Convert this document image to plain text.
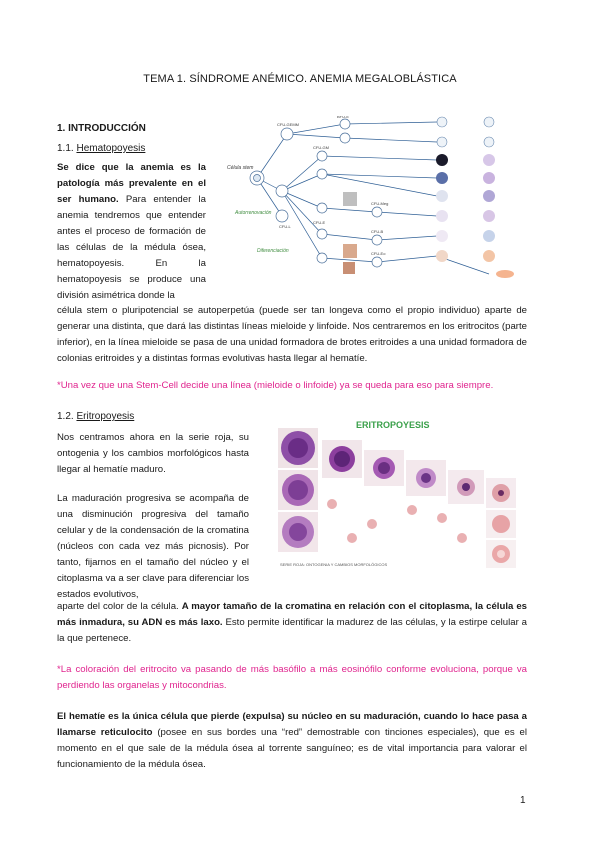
TEMA 1. SÍNDROME ANÉMICO. ANEMIA MEGALOBLÁSTICA
1. INTRODUCCIÓN
1.1. Hematopoyesis
Se dice que la anemia es la patología más prevalente en el ser humano. Para entender la anemia tendremos que entender antes el proceso de formación de las células de la médula ósea, hematopoyesis. En la hematopoyesis se produce una división asimétrica donde la
Célula stem
Autorrenovación
Diferenciación
CFU-GEMM
BFU-E
CFU-GM
CFU-Meg
CFU-B
CFU-Eo
CFU-E
CFU-L
célula stem o pluripotencial se autoperpetúa (puede ser tan longeva como el propio individuo) aparte de generar una distinta, que dará las distintas líneas mieloide y linfoide. Nos centraremos en los eritrocitos (parte inferior), en la línea mieloide se pasa de una unidad formadora de brotes eritroides a una unidad formadora de colonias eritroides y a distintas formas evolutivas hasta llegar al hematíe.
*Una vez que una Stem-Cell decide una línea (mieloide o linfoide) ya se queda para eso para siempre.
1.2. Eritropoyesis
Nos centramos ahora en la serie roja, su ontogenia y los cambios morfológicos hasta llegar al hematíe maduro.
La maduración progresiva se acompaña de una disminución progresiva del tamaño celular y de la condensación de la cromatina (núcleos con cada vez más picnosis). Por tanto, fijarnos en el tamaño del núcleo y el citoplasma va a ser clave para diferenciar los estados evolutivos,
ERITROPOYESIS
SERIE ROJA: ONTOGENIA Y CAMBIOS MORFOLÓGICOS
aparte del color de la célula. A mayor tamaño de la cromatina en relación con el citoplasma, la célula es más inmadura, su ADN es más laxo. Esto permite identificar la madurez de las células, y la estirpe celular a la que pertenece.
*La coloración del eritrocito va pasando de más basófilo a más eosinófilo conforme evoluciona, porque va perdiendo las organelas y mitocondrias.
El hematíe es la única célula que pierde (expulsa) su núcleo en su maduración, cuando lo hace pasa a llamarse reticulocito (posee en sus bordes una “red” demostrable con tinciones especiales), que es el momento en el que sale de la médula ósea al torrente sanguíneo; es de vital importancia para valorar el funcionamiento de la médula ósea.
1
